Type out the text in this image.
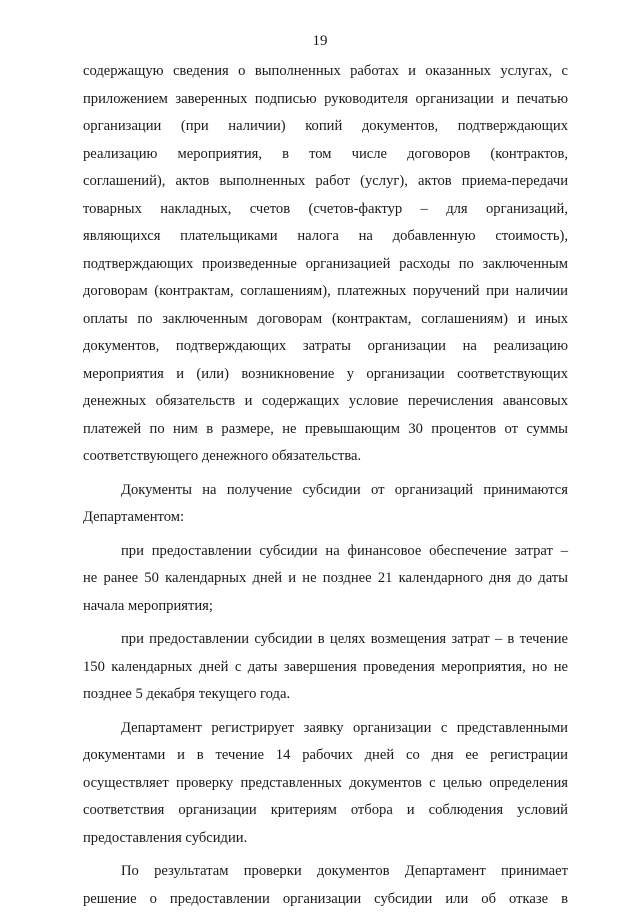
19

содержащую сведения о выполненных работах и оказанных услугах, с
приложением заверенных подписью руководителя организации и печатью
организации (при наличии) копий документов, подтверждающих
реализацию мероприятия, в том числе договоров (контрактов,
соглашений), актов выполненных работ (услуг), актов приема-передачи
товарных накладных, счетов (счетов-фактур – для организаций,
являющихся плательщиками налога на добавленную стоимость),
подтверждающих произведенные организацией расходы по заключенным
договорам (контрактам, соглашениям), платежных поручений при наличии
оплаты по заключенным договорам (контрактам, соглашениям) и иных
документов, подтверждающих затраты организации на реализацию
мероприятия и (или) возникновение у организации соответствующих
денежных обязательств и содержащих условие перечисления авансовых
платежей по ним в размере, не превышающим 30 процентов от суммы
соответствующего денежного обязательства.

Документы на получение субсидии от организаций принимаются
Департаментом:

при предоставлении субсидии на финансовое обеспечение затрат –
не ранее 50 календарных дней и не позднее 21 календарного дня до даты
начала мероприятия;

при предоставлении субсидии в целях возмещения затрат – в течение
150 календарных дней с даты завершения проведения мероприятия, но не
позднее 5 декабря текущего года.

Департамент регистрирует заявку организации с представленными
документами и в течение 14 рабочих дней со дня ее регистрации
осуществляет проверку представленных документов с целью определения
соответствия организации критериям отбора и соблюдения условий
предоставления субсидии.

По результатам проверки документов Департамент принимает
решение о предоставлении организации субсидии или об отказе в
